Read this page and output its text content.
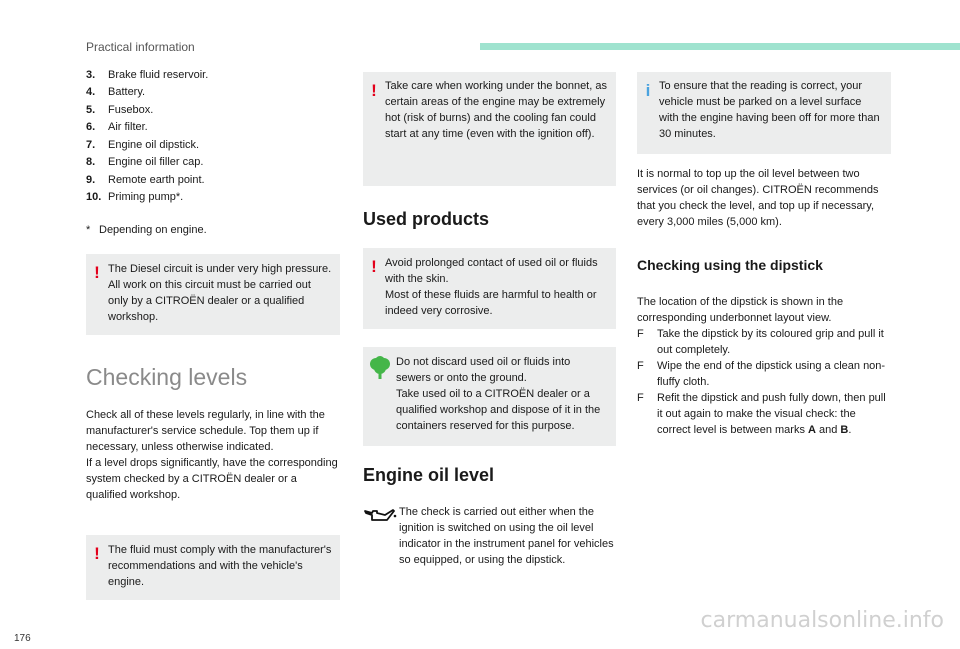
Practical information
3.	Brake fluid reservoir.
4.	Battery.
5.	Fusebox.
6.	Air filter.
7.	Engine oil dipstick.
8.	Engine oil filler cap.
9.	Remote earth point.
10. Priming pump*.
* Depending on engine.
! The Diesel circuit is under very high pressure.

All work on this circuit must be carried out only by a CITROËN dealer or a qualified workshop.

Checking levels

Check all of these levels regularly, in line with the manufacturer's service schedule. Top them up if necessary, unless otherwise indicated.

If a level drops significantly, have the corresponding system checked by a CITROËN dealer or a qualified workshop.

! The fluid must comply with the manufacturer's recommendations and with the vehicle's engine.

! Take care when working under the bonnet, as certain areas of the engine may be extremely hot (risk of burns) and the cooling fan could start at any time (even with the ignition off).

Used products
! Avoid prolonged contact of used oil or fluids with the skin.

Most of these fluids are harmful to health or indeed very corrosive.

Do not discard used oil or fluids into sewers or onto the ground.

Take used oil to a CITROËN dealer or a qualified workshop and dispose of it in the containers reserved for this purpose.

Engine oil level

The check is carried out either when the ignition is switched on using the oil level indicator in the instrument panel for vehicles so equipped, or using the dipstick.

i To ensure that the reading is correct, your vehicle must be parked on a level surface with the engine having been off for more than 30 minutes.

It is normal to top up the oil level between two services (or oil changes). CITROËN recommends that you check the level, and top up if necessary, every 3,000 miles (5,000 km).

Checking using the dipstick

The location of the dipstick is shown in the corresponding underbonnet layout view.

F	Take the dipstick by its coloured grip and pull it out completely.
F	Wipe the end of the dipstick using a clean non-fluffy cloth.
F	Refit the dipstick and push fully down, then pull it out again to make the visual check: the correct level is between marks A and B.
176
carmanualsonline.info
